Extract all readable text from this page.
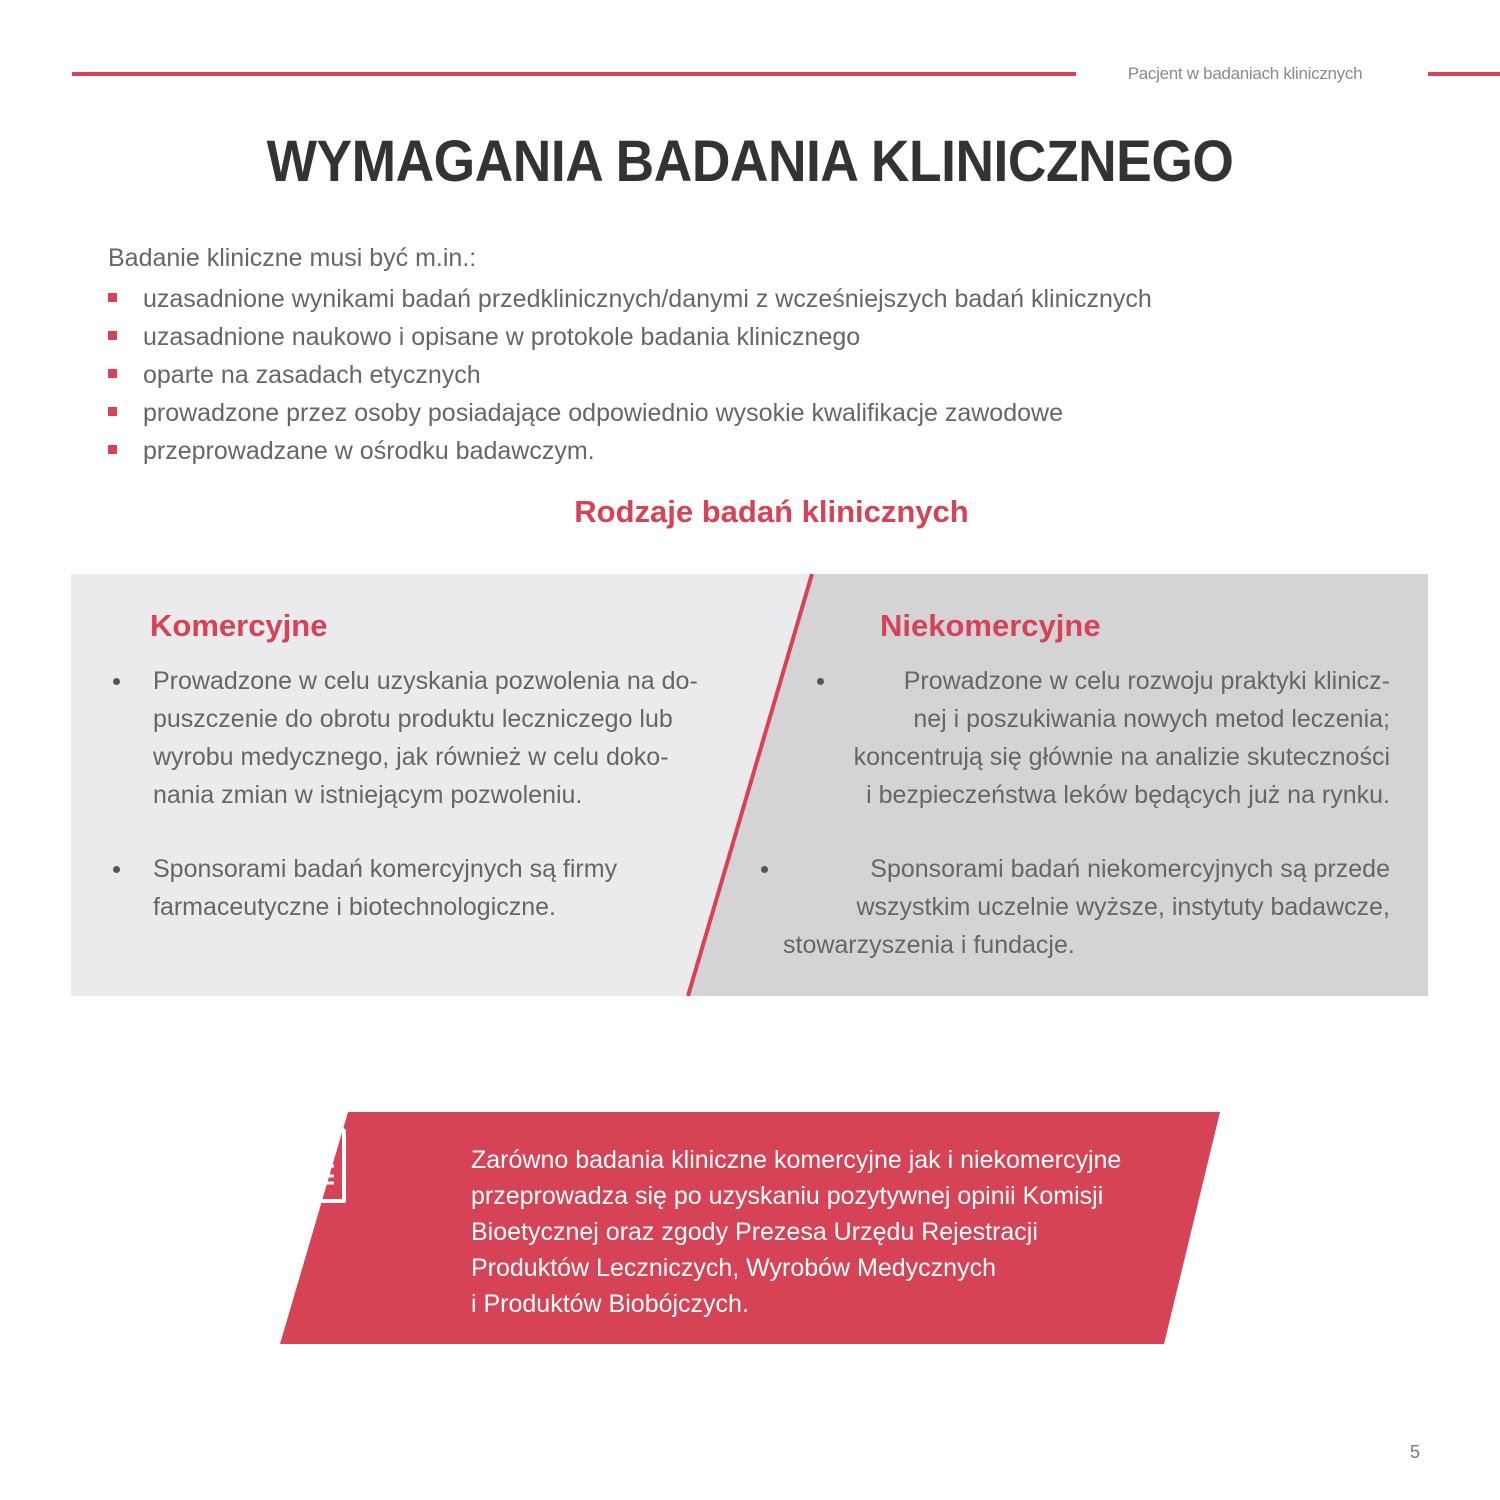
Pacjent w badaniach klinicznych
WYMAGANIA BADANIA KLINICZNEGO
Badanie kliniczne musi być m.in.:
uzasadnione wynikami badań przedklinicznych/danymi z wcześniejszych badań klinicznych
uzasadnione naukowo i opisane w protokole badania klinicznego
oparte na zasadach etycznych
prowadzone przez osoby posiadające odpowiednio wysokie kwalifikacje zawodowe
przeprowadzane w ośrodku badawczym.
Rodzaje badań klinicznych
Komercyjne
Prowadzone w celu uzyskania pozwolenia na do-
puszczenie do obrotu produktu leczniczego lub
wyrobu medycznego, jak również w celu doko-
nania zmian w istniejącym pozwoleniu.
Sponsorami badań komercyjnych są firmy
farmaceutyczne i biotechnologiczne.
Niekomercyjne
Prowadzone w celu rozwoju praktyki klinicz-
nej i poszukiwania nowych metod leczenia;
koncentrują się głównie na analizie skuteczności
i bezpieczeństwa leków będących już na rynku.
Sponsorami badań niekomercyjnych są przede
wszystkim uczelnie wyższe, instytuty badawcze,
stowarzyszenia i fundacje.
Zarówno badania kliniczne komercyjne jak i niekomercyjne
przeprowadza się po uzyskaniu pozytywnej opinii Komisji
Bioetycznej oraz zgody Prezesa Urzędu Rejestracji
Produktów Leczniczych, Wyrobów Medycznych
i Produktów Biobójczych.
5
